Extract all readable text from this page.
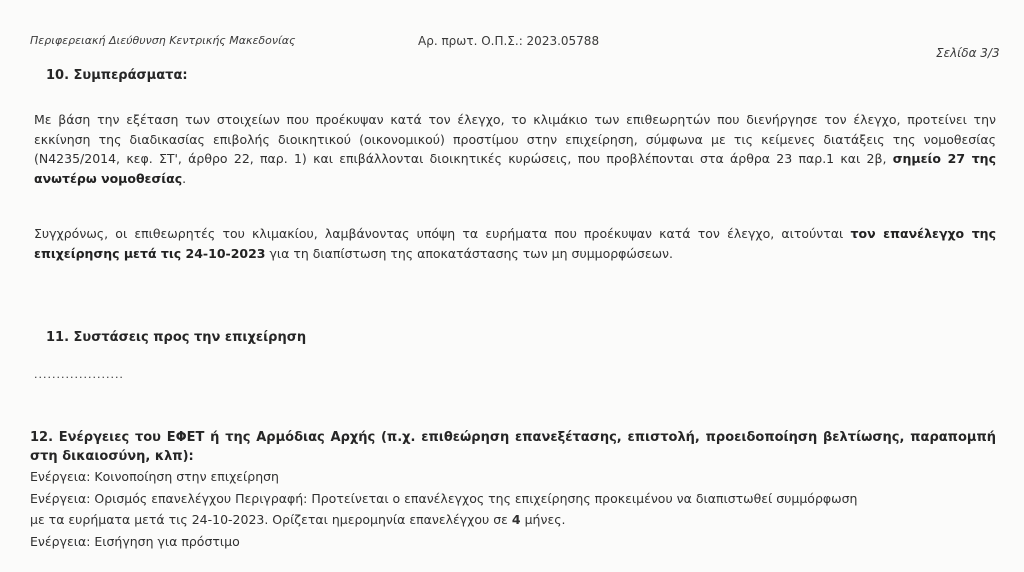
Περιφερειακή Διεύθυνση Κεντρικής Μακεδονίας	Αρ. πρωτ. Ο.Π.Σ.: 2023.05788
Σελίδα 3/3
10. Συμπεράσματα:
Με βάση την εξέταση των στοιχείων που προέκυψαν κατά τον έλεγχο, το κλιμάκιο των επιθεωρητών που διενήργησε τον έλεγχο, προτείνει την εκκίνηση της διαδικασίας επιβολής διοικητικού (οικονομικού) προστίμου στην επιχείρηση, σύμφωνα με τις κείμενες διατάξεις της νομοθεσίας (Ν4235/2014, κεφ. ΣΤ', άρθρο 22, παρ. 1) και επιβάλλονται διοικητικές κυρώσεις, που προβλέπονται στα άρθρα 23 παρ.1 και 2β, σημείο 27 της ανωτέρω νομοθεσίας.
Συγχρόνως, οι επιθεωρητές του κλιμακίου, λαμβάνοντας υπόψη τα ευρήματα που προέκυψαν κατά τον έλεγχο, αιτούνται τον επανέλεγχο της επιχείρησης μετά τις 24-10-2023 για τη διαπίστωση της αποκατάστασης των μη συμμορφώσεων.
11. Συστάσεις προς την επιχείρηση
....................
12. Ενέργειες του ΕΦΕΤ ή της Αρμόδιας Αρχής (π.χ. επιθεώρηση επανεξέτασης, επιστολή, προειδοποίηση βελτίωσης, παραπομπή στη δικαιοσύνη, κλπ):
Ενέργεια: Κοινοποίηση στην επιχείρηση
Ενέργεια: Ορισμός επανελέγχου Περιγραφή: Προτείνεται ο επανέλεγχος της επιχείρησης προκειμένου να διαπιστωθεί συμμόρφωση
με τα ευρήματα μετά τις 24-10-2023. Ορίζεται ημερομηνία επανελέγχου σε 4 μήνες.
Ενέργεια: Εισήγηση για πρόστιμο
